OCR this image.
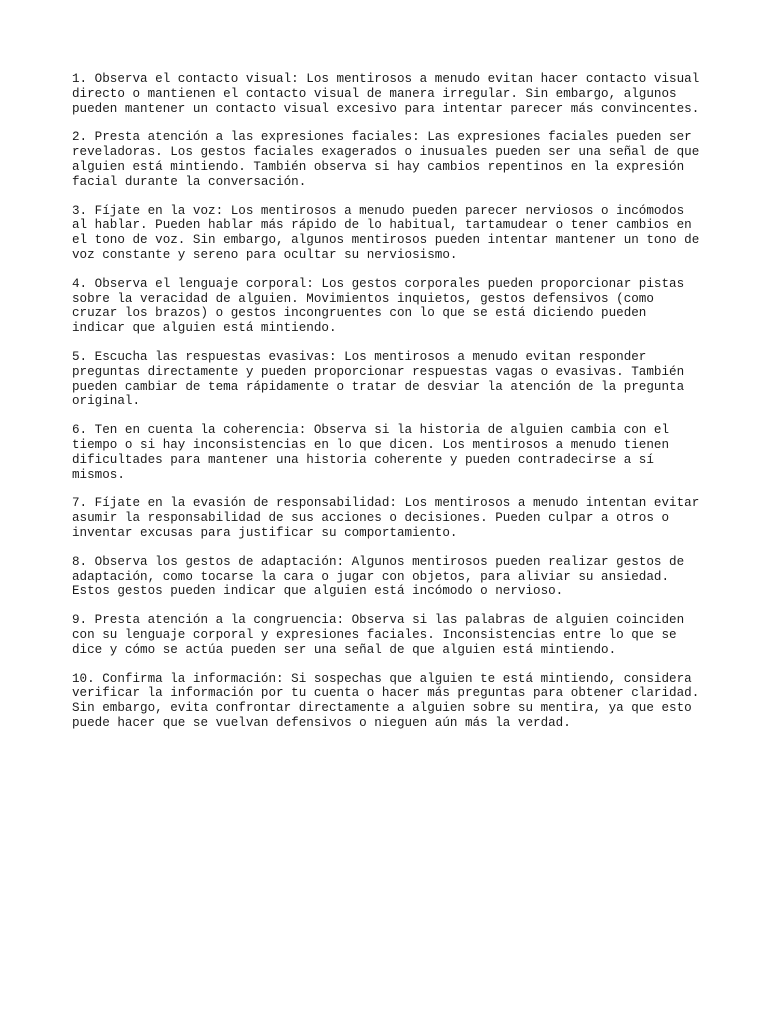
1. Observa el contacto visual: Los mentirosos a menudo evitan hacer contacto visual directo o mantienen el contacto visual de manera irregular. Sin embargo, algunos pueden mantener un contacto visual excesivo para intentar parecer más convincentes.

2. Presta atención a las expresiones faciales: Las expresiones faciales pueden ser reveladoras. Los gestos faciales exagerados o inusuales pueden ser una señal de que alguien está mintiendo. También observa si hay cambios repentinos en la expresión facial durante la conversación.

3. Fíjate en la voz: Los mentirosos a menudo pueden parecer nerviosos o incómodos al hablar. Pueden hablar más rápido de lo habitual, tartamudear o tener cambios en el tono de voz. Sin embargo, algunos mentirosos pueden intentar mantener un tono de voz constante y sereno para ocultar su nerviosismo.

4. Observa el lenguaje corporal: Los gestos corporales pueden proporcionar pistas sobre la veracidad de alguien. Movimientos inquietos, gestos defensivos (como cruzar los brazos) o gestos incongruentes con lo que se está diciendo pueden indicar que alguien está mintiendo.

5. Escucha las respuestas evasivas: Los mentirosos a menudo evitan responder preguntas directamente y pueden proporcionar respuestas vagas o evasivas. También pueden cambiar de tema rápidamente o tratar de desviar la atención de la pregunta original.

6. Ten en cuenta la coherencia: Observa si la historia de alguien cambia con el tiempo o si hay inconsistencias en lo que dicen. Los mentirosos a menudo tienen dificultades para mantener una historia coherente y pueden contradecirse a sí mismos.

7. Fíjate en la evasión de responsabilidad: Los mentirosos a menudo intentan evitar asumir la responsabilidad de sus acciones o decisiones. Pueden culpar a otros o inventar excusas para justificar su comportamiento.

8. Observa los gestos de adaptación: Algunos mentirosos pueden realizar gestos de adaptación, como tocarse la cara o jugar con objetos, para aliviar su ansiedad. Estos gestos pueden indicar que alguien está incómodo o nervioso.

9. Presta atención a la congruencia: Observa si las palabras de alguien coinciden con su lenguaje corporal y expresiones faciales. Inconsistencias entre lo que se dice y cómo se actúa pueden ser una señal de que alguien está mintiendo.

10. Confirma la información: Si sospechas que alguien te está mintiendo, considera verificar la información por tu cuenta o hacer más preguntas para obtener claridad. Sin embargo, evita confrontar directamente a alguien sobre su mentira, ya que esto puede hacer que se vuelvan defensivos o nieguen aún más la verdad.
